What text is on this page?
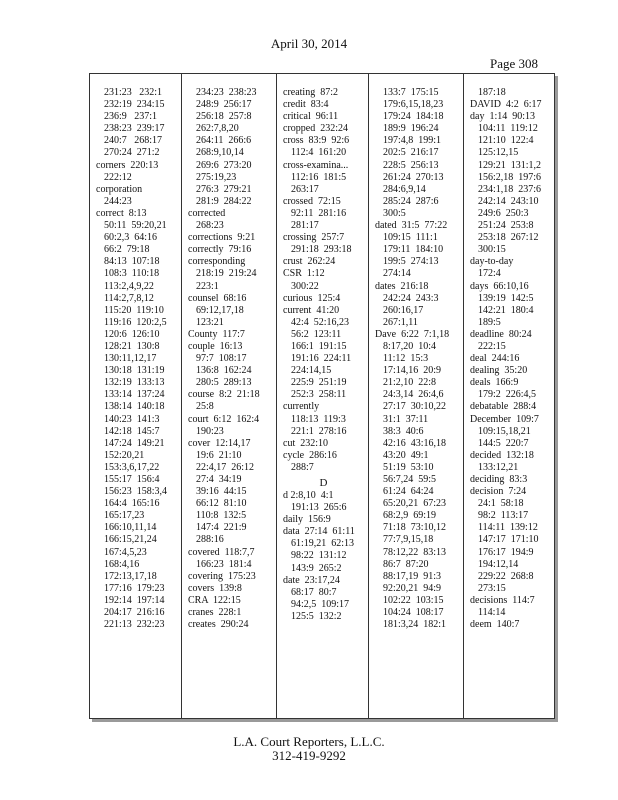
April 30, 2014
Page 308
231:23   232:1
232:19  234:15
236:9   237:1
238:23  239:17
240:7   268:17
270:24  271:2
corners  220:13
222:12
corporation
244:23
correct  8:13
50:11  59:20,21
60:2,3  64:16
66:2  79:18
84:13  107:18
108:3  110:18
113:2,4,9,22
114:2,7,8,12
115:20  119:10
119:16  120:2,5
120:6  126:10
128:21  130:8
130:11,12,17
130:18  131:19
132:19  133:13
133:14  137:24
138:14  140:18
140:23  141:3
142:18  145:7
147:24  149:21
152:20,21
153:3,6,17,22
155:17  156:4
156:23  158:3,4
164:4  165:16
165:17,23
166:10,11,14
166:15,21,24
167:4,5,23
168:4,16
172:13,17,18
177:16  179:23
192:14  197:14
204:17  216:16
221:13  232:23
234:23  238:23
248:9  256:17
256:18  257:8
262:7,8,20
264:11  266:6
268:9,10,14
269:6  273:20
275:19,23
276:3  279:21
281:9  284:22
corrected
268:23
corrections  9:21
correctly  79:16
corresponding
218:19  219:24
223:1
counsel  68:16
69:12,17,18
123:21
County  117:7
couple  16:13
97:7  108:17
136:8  162:24
280:5  289:13
course  8:2  21:18
25:8
court  6:12  162:4
190:23
cover  12:14,17
19:6  21:10
22:4,17  26:12
27:4  34:19
39:16  44:15
66:12  81:10
110:8  132:5
147:4  221:9
288:16
covered  118:7,7
166:23  181:4
covering  175:23
covers  139:8
CRA  122:15
cranes  228:1
creates  290:24
creating  87:2
credit  83:4
critical  96:11
cropped  232:24
cross  83:9  92:6
112:4  161:20
cross-examina...
112:16  181:5
263:17
crossed  72:15
92:11  281:16
281:17
crossing  257:7
291:18  293:18
crust  262:24
CSR  1:12
300:22
curious  125:4
current  41:20
42:4  52:16,23
56:2  123:11
166:1  191:15
191:16  224:11
224:14,15
225:9  251:19
252:3  258:11
currently
118:13  119:3
221:1  278:16
cut  232:10
cycle  286:16
288:7
D
d 2:8,10  4:1
191:13  265:6
daily  156:9
data  27:14  61:11
61:19,21  62:13
98:22  131:12
143:9  265:2
date  23:17,24
68:17  80:7
94:2,5  109:17
125:5  132:2
133:7  175:15
179:6,15,18,23
179:24  184:18
189:9  196:24
197:4,8  199:1
202:5  216:17
228:5  256:13
261:24  270:13
284:6,9,14
285:24  287:6
300:5
dated  31:5  77:22
109:15  111:1
179:11  184:10
199:5  274:13
274:14
dates  216:18
242:24  243:3
260:16,17
267:1,11
Dave  6:22  7:1,18
8:17,20  10:4
11:12  15:3
17:14,16  20:9
21:2,10  22:8
24:3,14  26:4,6
27:17  30:10,22
31:1  37:11
38:3  40:6
42:16  43:16,18
43:20  49:1
51:19  53:10
56:7,24  59:5
61:24  64:24
65:20,21  67:23
68:2,9  69:19
71:18  73:10,12
77:7,9,15,18
78:12,22  83:13
86:7  87:20
88:17,19  91:3
92:20,21  94:9
102:22  103:15
104:24  108:17
181:3,24  182:1
187:18
DAVID  4:2  6:17
day  1:14  90:13
104:11  119:12
121:10  122:4
125:12,15
129:21  131:1,2
156:2,18  197:6
234:1,18  237:6
242:14  243:10
249:6  250:3
251:24  253:8
253:18  267:12
300:15
day-to-day
172:4
days  66:10,16
139:19  142:5
142:21  180:4
189:5
deadline  80:24
222:15
deal  244:16
dealing  35:20
deals  166:9
179:2  226:4,5
debatable  288:4
December  109:7
109:15,18,21
144:5  220:7
decided  132:18
133:12,21
deciding  83:3
decision  7:24
24:1  58:18
98:2  113:17
114:11  139:12
147:17  171:10
176:17  194:9
194:12,14
229:22  268:8
273:15
decisions  114:7
114:14
deem  140:7
L.A. Court Reporters, L.L.C.
312-419-9292
